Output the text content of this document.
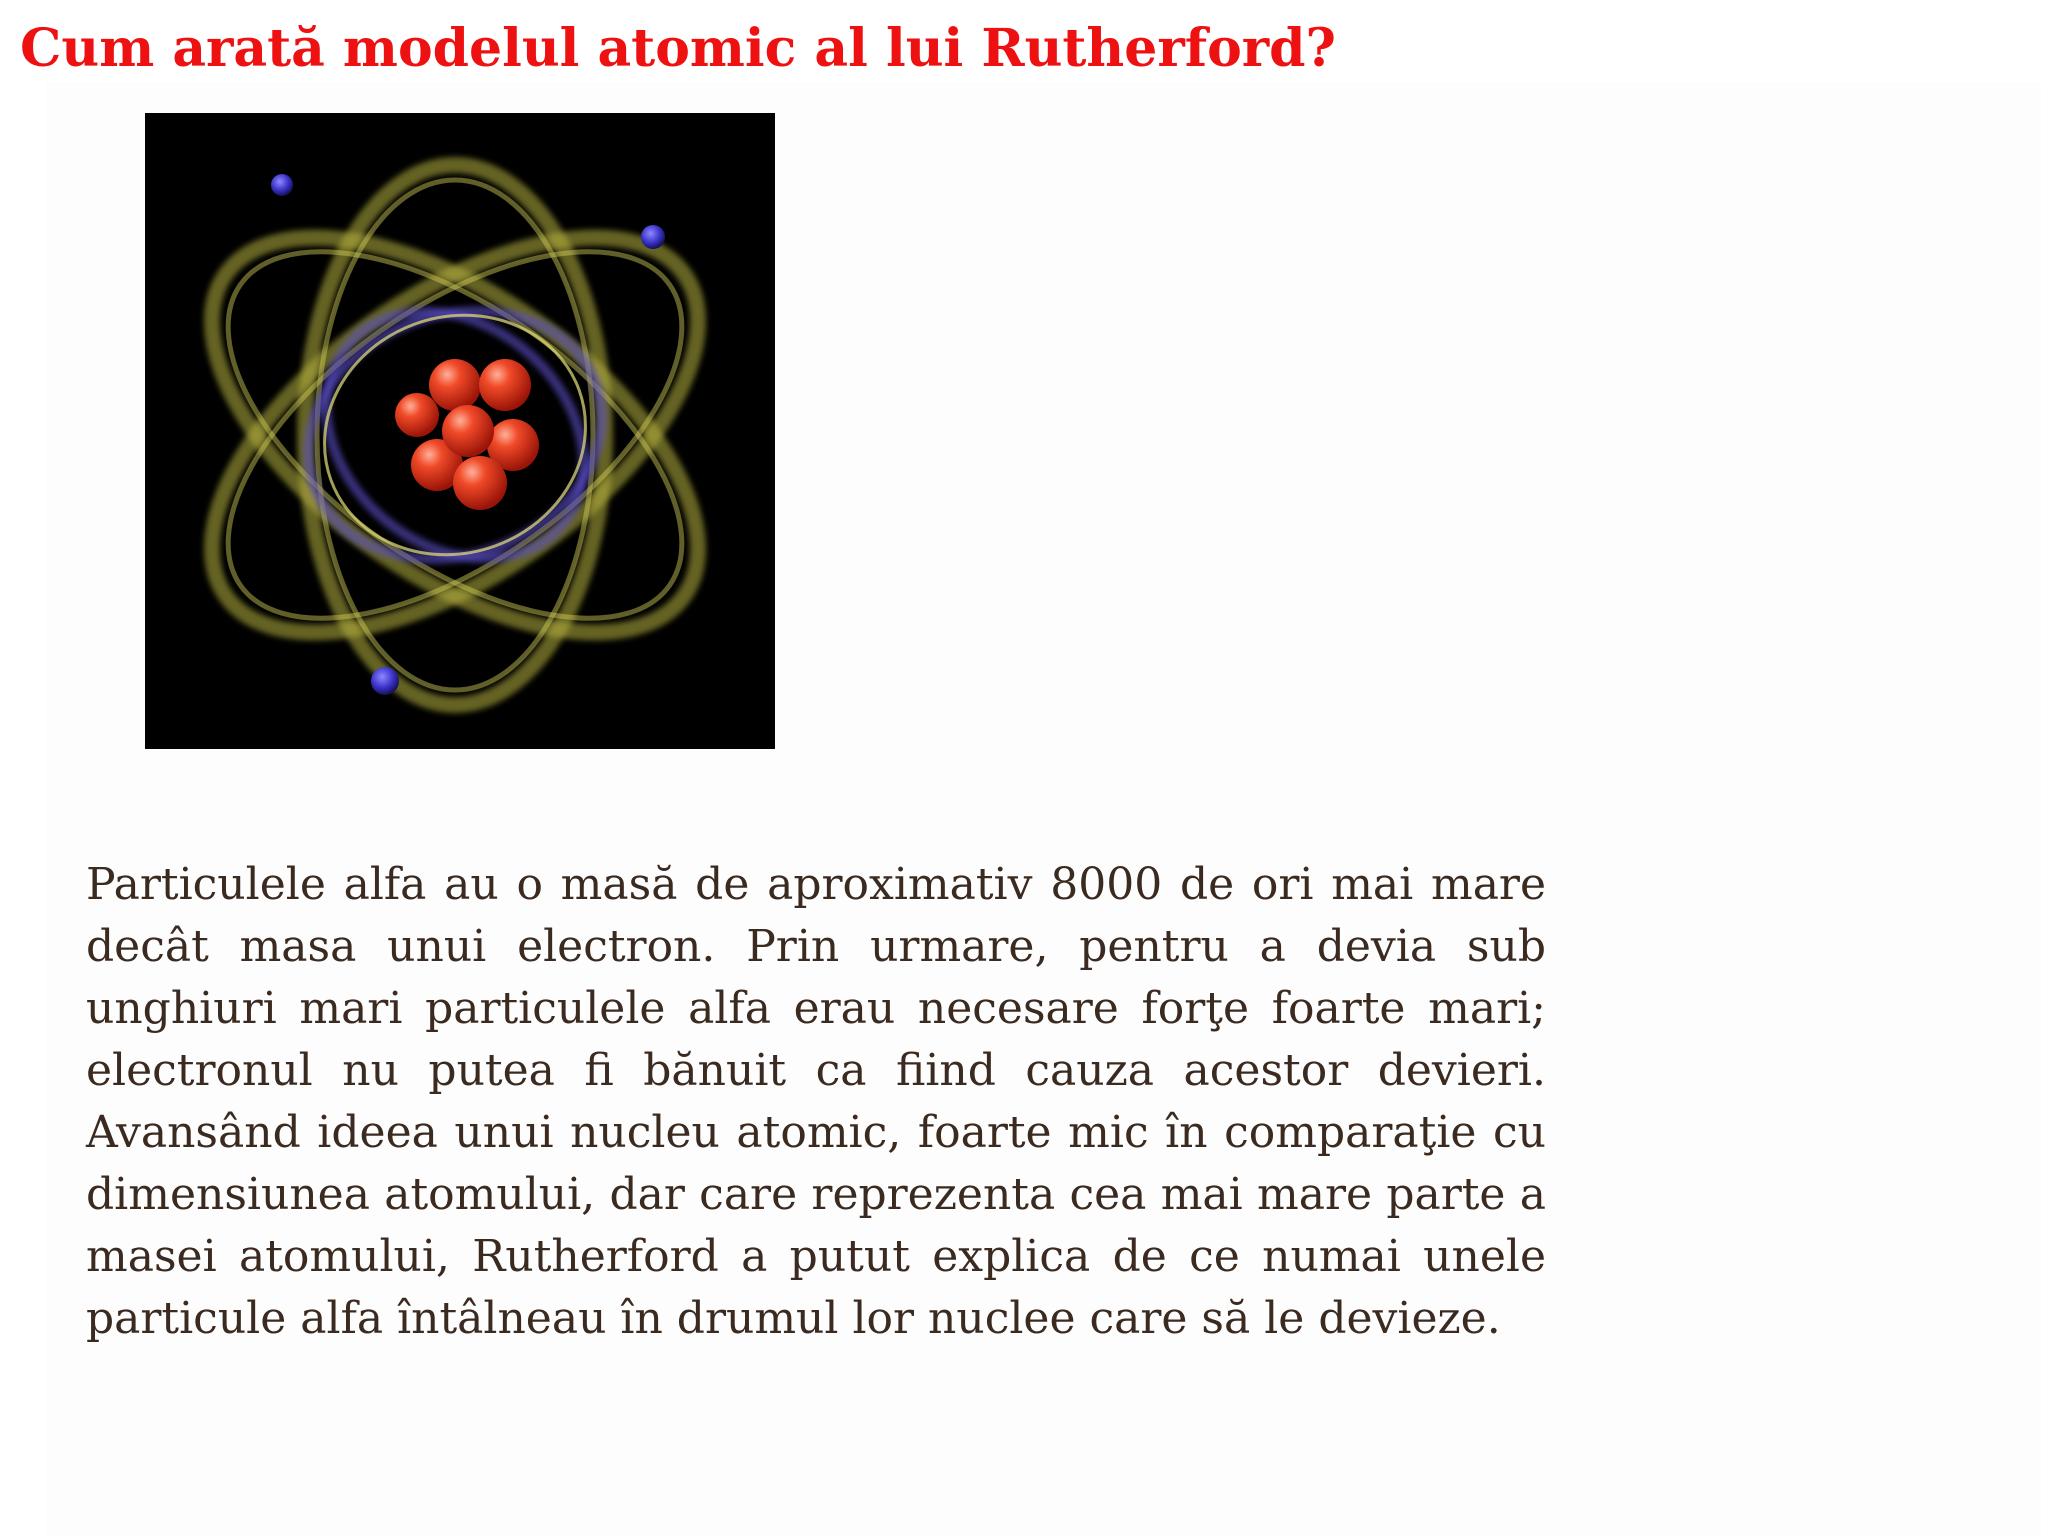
Cum arată modelul atomic al lui Rutherford?

Particulele alfa au o masă de aproximativ 8000 de ori mai mare decât masa unui electron. Prin urmare, pentru a devia sub unghiuri mari particulele alfa erau necesare forţe foarte mari; electronul nu putea fi bănuit ca fiind cauza acestor devieri. Avansând ideea unui nucleu atomic, foarte mic în comparaţie cu dimensiunea atomului, dar care reprezenta cea mai mare parte a masei atomului, Rutherford a putut explica de ce numai unele particule alfa întâlneau în drumul lor nuclee care să le devieze.
